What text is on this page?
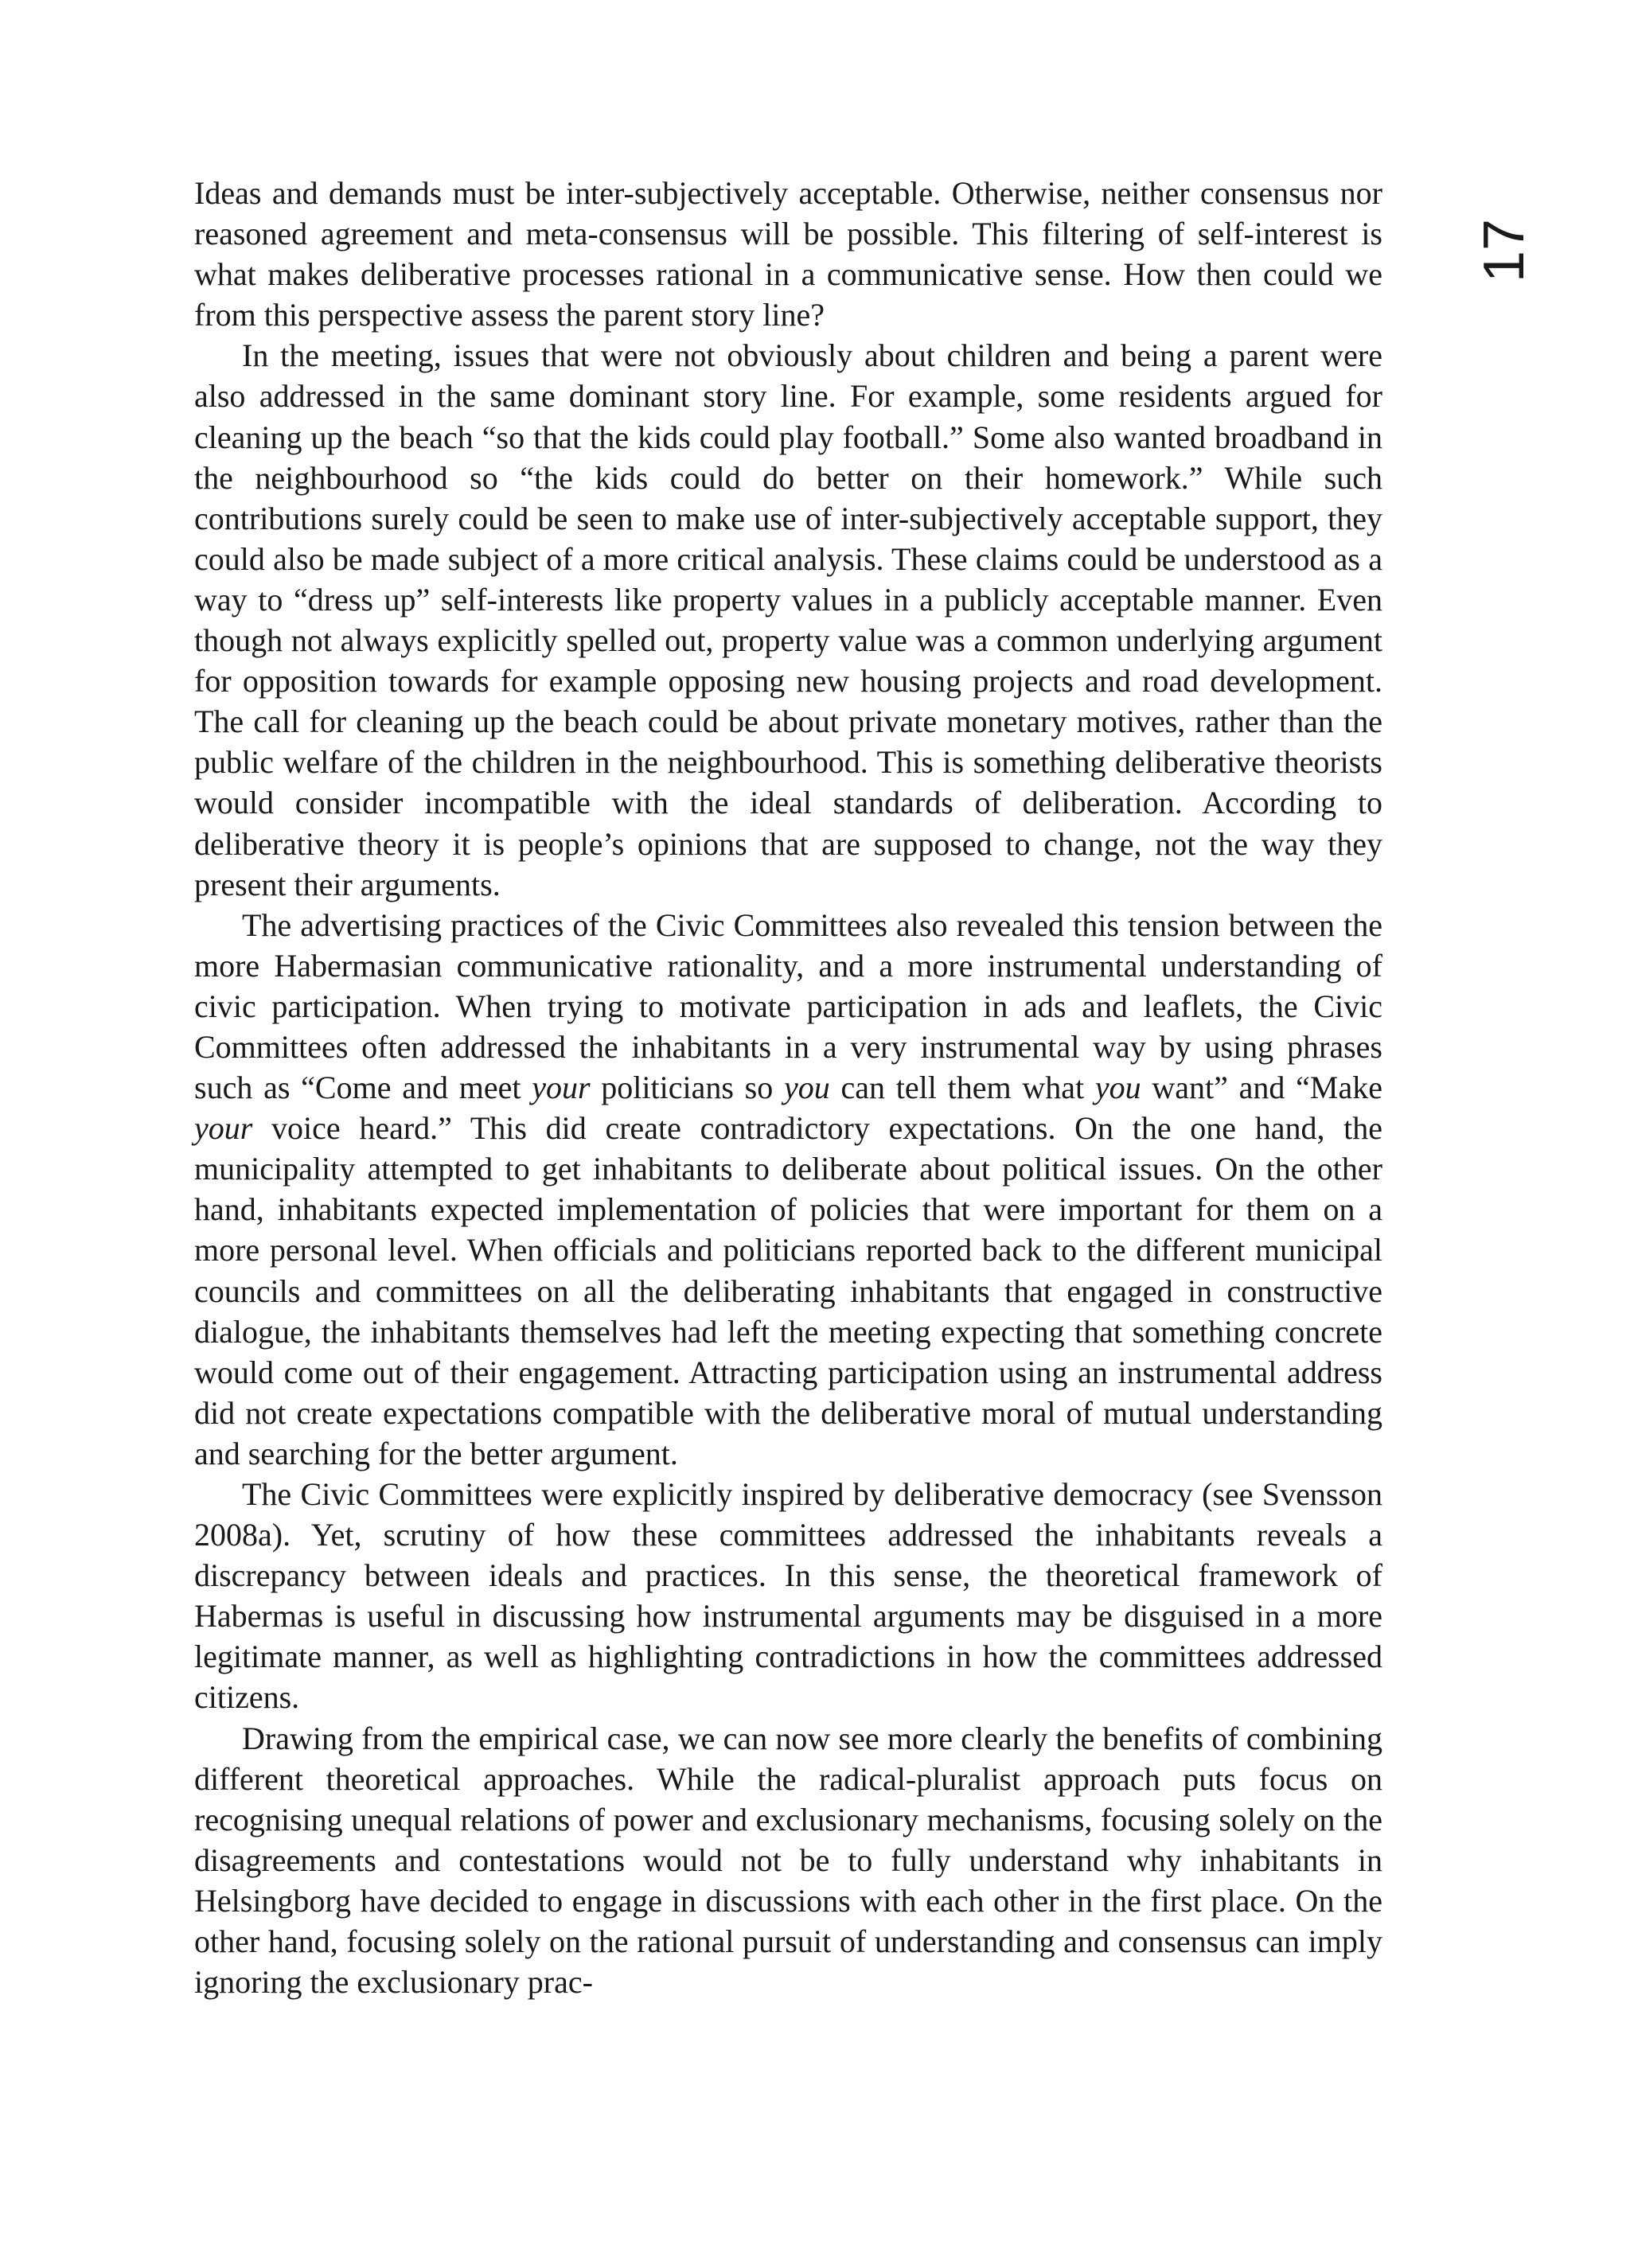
17

Ideas and demands must be inter-subjectively acceptable. Otherwise, neither consensus nor reasoned agreement and meta-consensus will be possible. This filtering of self-interest is what makes deliberative processes rational in a communicative sense. How then could we from this perspective assess the parent story line?

In the meeting, issues that were not obviously about children and being a parent were also addressed in the same dominant story line. For example, some residents argued for cleaning up the beach “so that the kids could play football.” Some also wanted broadband in the neighbourhood so “the kids could do better on their homework.” While such contributions surely could be seen to make use of inter-subjectively acceptable support, they could also be made subject of a more critical analysis. These claims could be understood as a way to “dress up” self-interests like property values in a publicly acceptable manner. Even though not always explicitly spelled out, property value was a common underlying argument for opposition towards for example opposing new housing projects and road development. The call for cleaning up the beach could be about private monetary motives, rather than the public welfare of the children in the neighbourhood. This is something deliberative theorists would consider incompatible with the ideal standards of deliberation. According to deliberative theory it is people’s opinions that are supposed to change, not the way they present their arguments.

The advertising practices of the Civic Committees also revealed this tension between the more Habermasian communicative rationality, and a more instrumental understanding of civic participation. When trying to motivate participation in ads and leaflets, the Civic Committees often addressed the inhabitants in a very instrumental way by using phrases such as “Come and meet your politicians so you can tell them what you want” and “Make your voice heard.” This did create contradictory expectations. On the one hand, the municipality attempted to get inhabitants to deliberate about political issues. On the other hand, inhabitants expected implementation of policies that were important for them on a more personal level. When officials and politicians reported back to the different municipal councils and committees on all the deliberating inhabitants that engaged in constructive dialogue, the inhabitants themselves had left the meeting expecting that something concrete would come out of their engagement. Attracting participation using an instrumental address did not create expectations compatible with the deliberative moral of mutual understanding and searching for the better argument.

The Civic Committees were explicitly inspired by deliberative democracy (see Svensson 2008a). Yet, scrutiny of how these committees addressed the inhabitants reveals a discrepancy between ideals and practices. In this sense, the theoretical framework of Habermas is useful in discussing how instrumental arguments may be disguised in a more legitimate manner, as well as highlighting contradictions in how the committees addressed citizens.

Drawing from the empirical case, we can now see more clearly the benefits of combining different theoretical approaches. While the radical-pluralist approach puts focus on recognising unequal relations of power and exclusionary mechanisms, focusing solely on the disagreements and contestations would not be to fully understand why inhabitants in Helsingborg have decided to engage in discussions with each other in the first place. On the other hand, focusing solely on the rational pursuit of understanding and consensus can imply ignoring the exclusionary prac-
